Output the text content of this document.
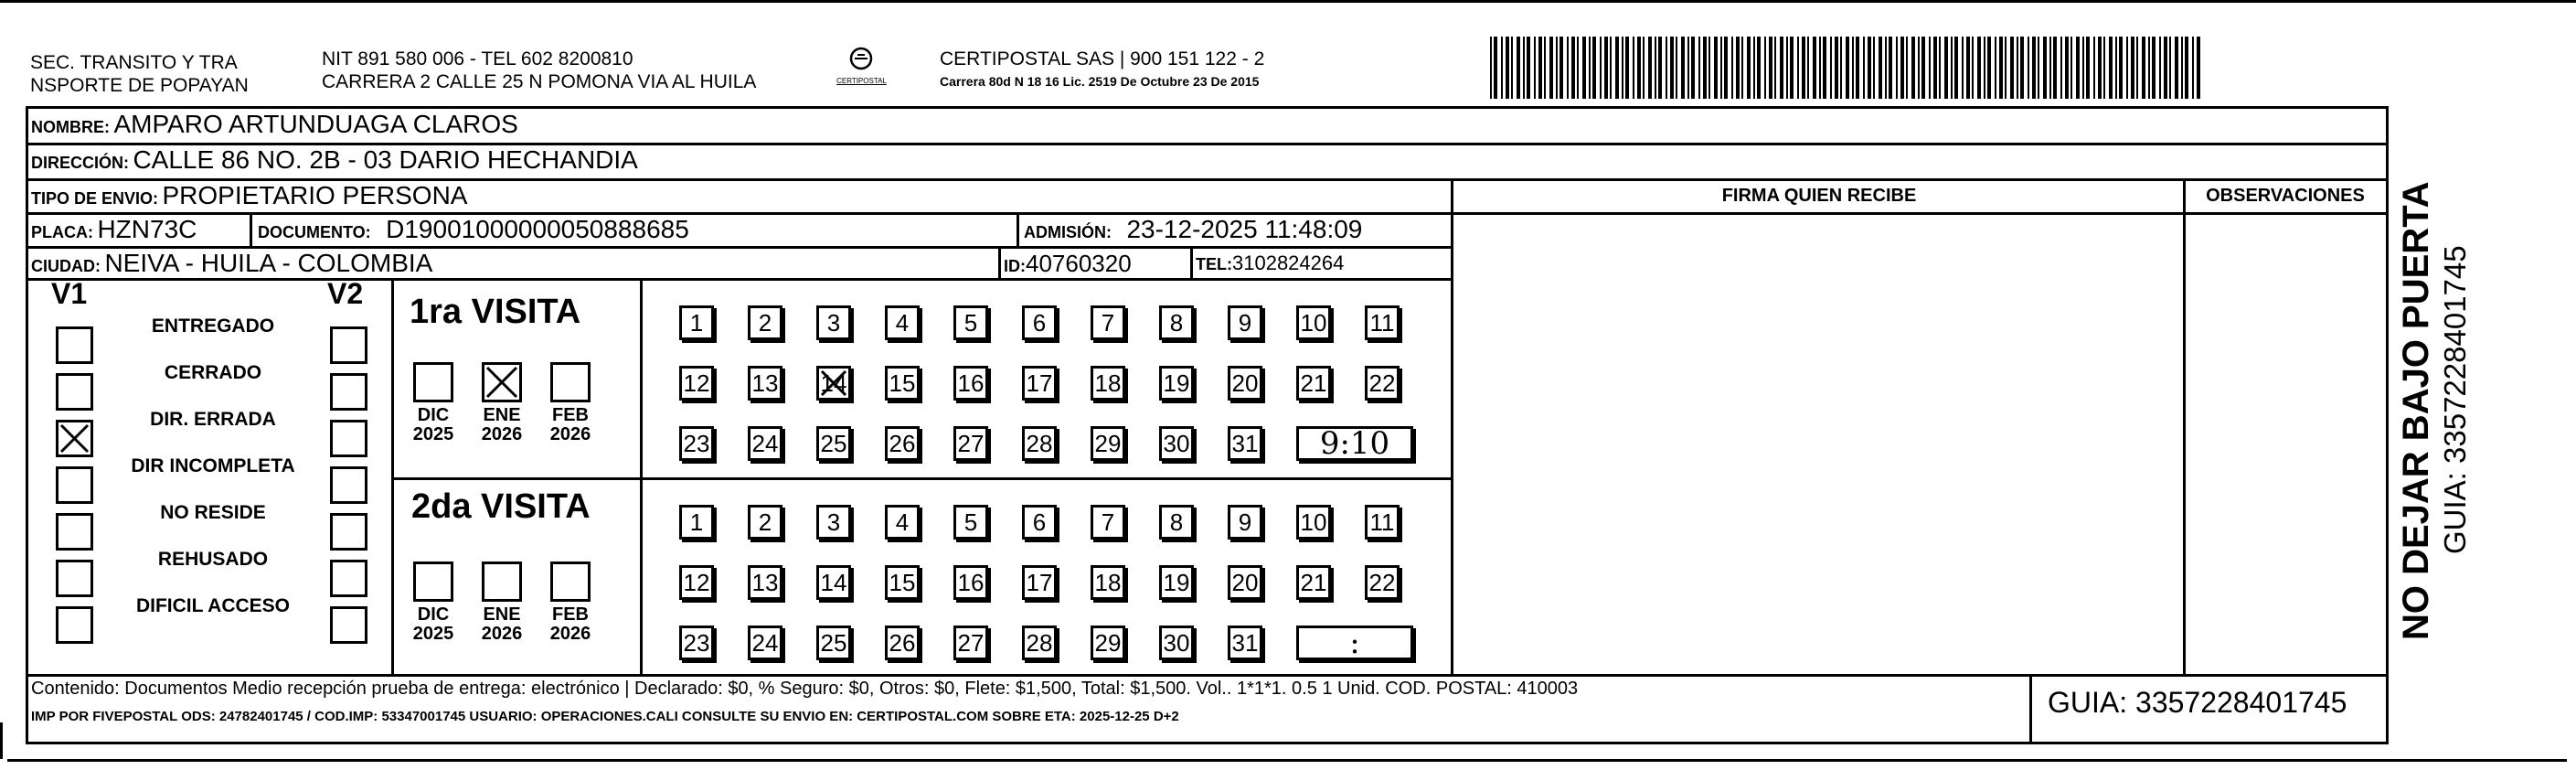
SEC. TRANSITO Y TRA
NSPORTE DE POPAYAN
NIT 891 580 006 - TEL 602 8200810
CARRERA 2 CALLE 25 N POMONA VIA AL HUILA	CERTIPOSTAL
CERTIPOSTAL SAS | 900 151 122 - 2
Carrera 80d N 18 16 Lic. 2519 De Octubre 23 De 2015
NOMBRE: AMPARO ARTUNDUAGA CLAROS
DIRECCIÓN: CALLE 86 NO. 2B - 03 DARIO HECHANDIA
TIPO DE ENVIO: PROPIETARIO PERSONA	FIRMA QUIEN RECIBE	OBSERVACIONES
PLACA: HZN73C	DOCUMENTO: D19001000000050888685	ADMISIÓN: 23-12-2025 11:48:09
CIUDAD: NEIVA - HUILA - COLOMBIA	ID:40760320	TEL:3102824264
V1	V2
ENTREGADO
CERRADO
DIR. ERRADA
DIR INCOMPLETA
NO RESIDE
REHUSADO
DIFICIL ACCESO
1ra VISITA
2da VISITA
DIC
2025
ENE
2026
FEB
2026
1 2 3 4 5 6 7 8 9 10 11
12 13 14 15 16 17 18 19 20 21 22
23 24 25 26 27 28 29 30 31	9:10
DIC
2025
ENE
2026
FEB
2026
1 2 3 4 5 6 7 8 9 10 11
12 13 14 15 16 17 18 19 20 21 22
23 24 25 26 27 28 29 30 31	:
Contenido: Documentos Medio recepción prueba de entrega: electrónico | Declarado: $0, % Seguro: $0, Otros: $0, Flete: $1,500, Total: $1,500. Vol.. 1*1*1. 0.5 1 Unid. COD. POSTAL: 410003
IMP POR FIVEPOSTAL ODS: 24782401745 / COD.IMP: 53347001745 USUARIO: OPERACIONES.CALI CONSULTE SU ENVIO EN: CERTIPOSTAL.COM SOBRE ETA: 2025-12-25 D+2	GUIA: 3357228401745
NO DEJAR BAJO PUERTA GUIA: 3357228401745
